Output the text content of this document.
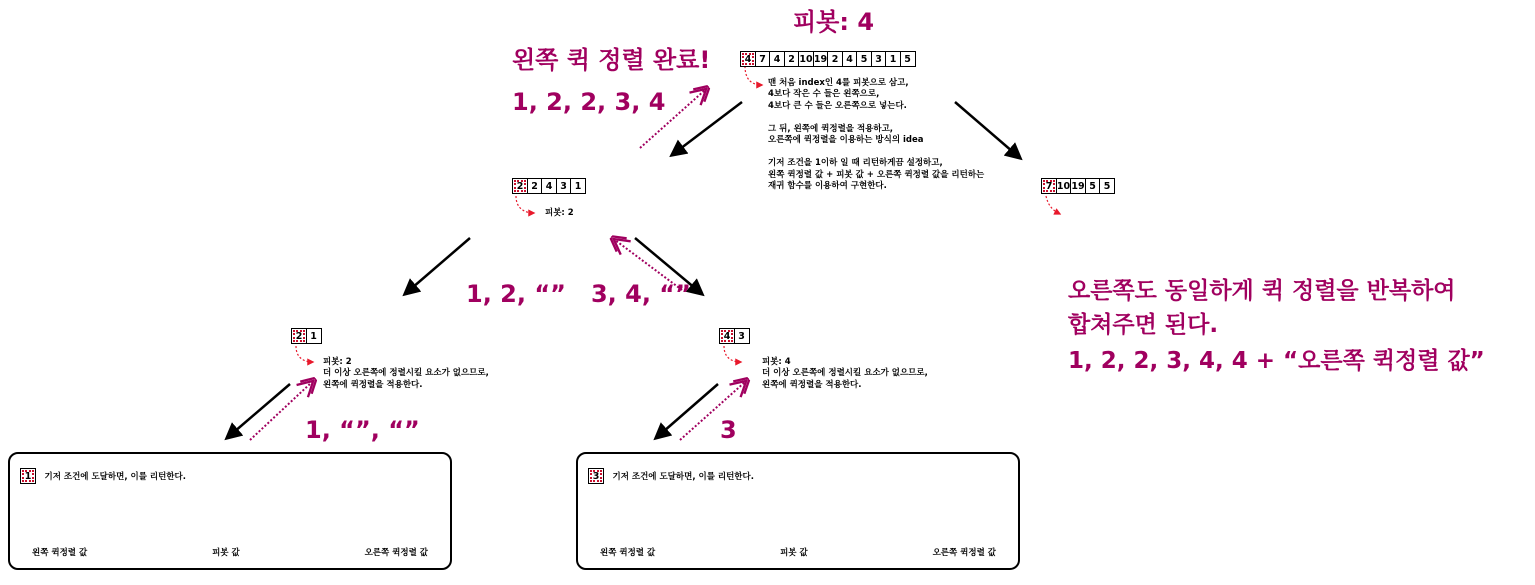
피봇: 4
4 7 4 2 10 19 2 4 5 3 1 5
맨 처음 index인 4를 피봇으로 삼고,
4보다 작은 수 들은 왼쪽으로,
4보다 큰 수 들은 오른쪽으로 넣는다.

그 뒤, 왼쪽에 퀵정렬을 적용하고,
오른쪽에 퀵정렬을 이용하는 방식의 idea

기저 조건을 1이하 일 때 리턴하게끔 설정하고,
왼쪽 퀵정렬 값 + 피봇 값 + 오른쪽 퀵정렬 값을 리턴하는
재귀 함수를 이용하여 구현한다.
왼쪽 퀵 정렬 완료!
1, 2, 2, 3, 4
2 2 4 3 1
피봇: 2
7 10 19 5 5
1, 2, “”   3, 4, “”
2 1
피봇: 2
더 이상 오른쪽에 정렬시킬 요소가 없으므로,
왼쪽에 퀵정렬을 적용한다.
4 3
피봇: 4
더 이상 오른쪽에 정렬시킬 요소가 없으므로,
왼쪽에 퀵정렬을 적용한다.
1, “”, “”	3
1 기저 조건에 도달하면, 이를 리턴한다.
왼쪽 퀵정렬 값	피봇 값	오른쪽 퀵정렬 값
3 기저 조건에 도달하면, 이를 리턴한다.
왼쪽 퀵정렬 값	피봇 값	오른쪽 퀵정렬 값
오른쪽도 동일하게 퀵 정렬을 반복하여
합쳐주면 된다.
1, 2, 2, 3, 4, 4 + “오른쪽 퀵정렬 값”
